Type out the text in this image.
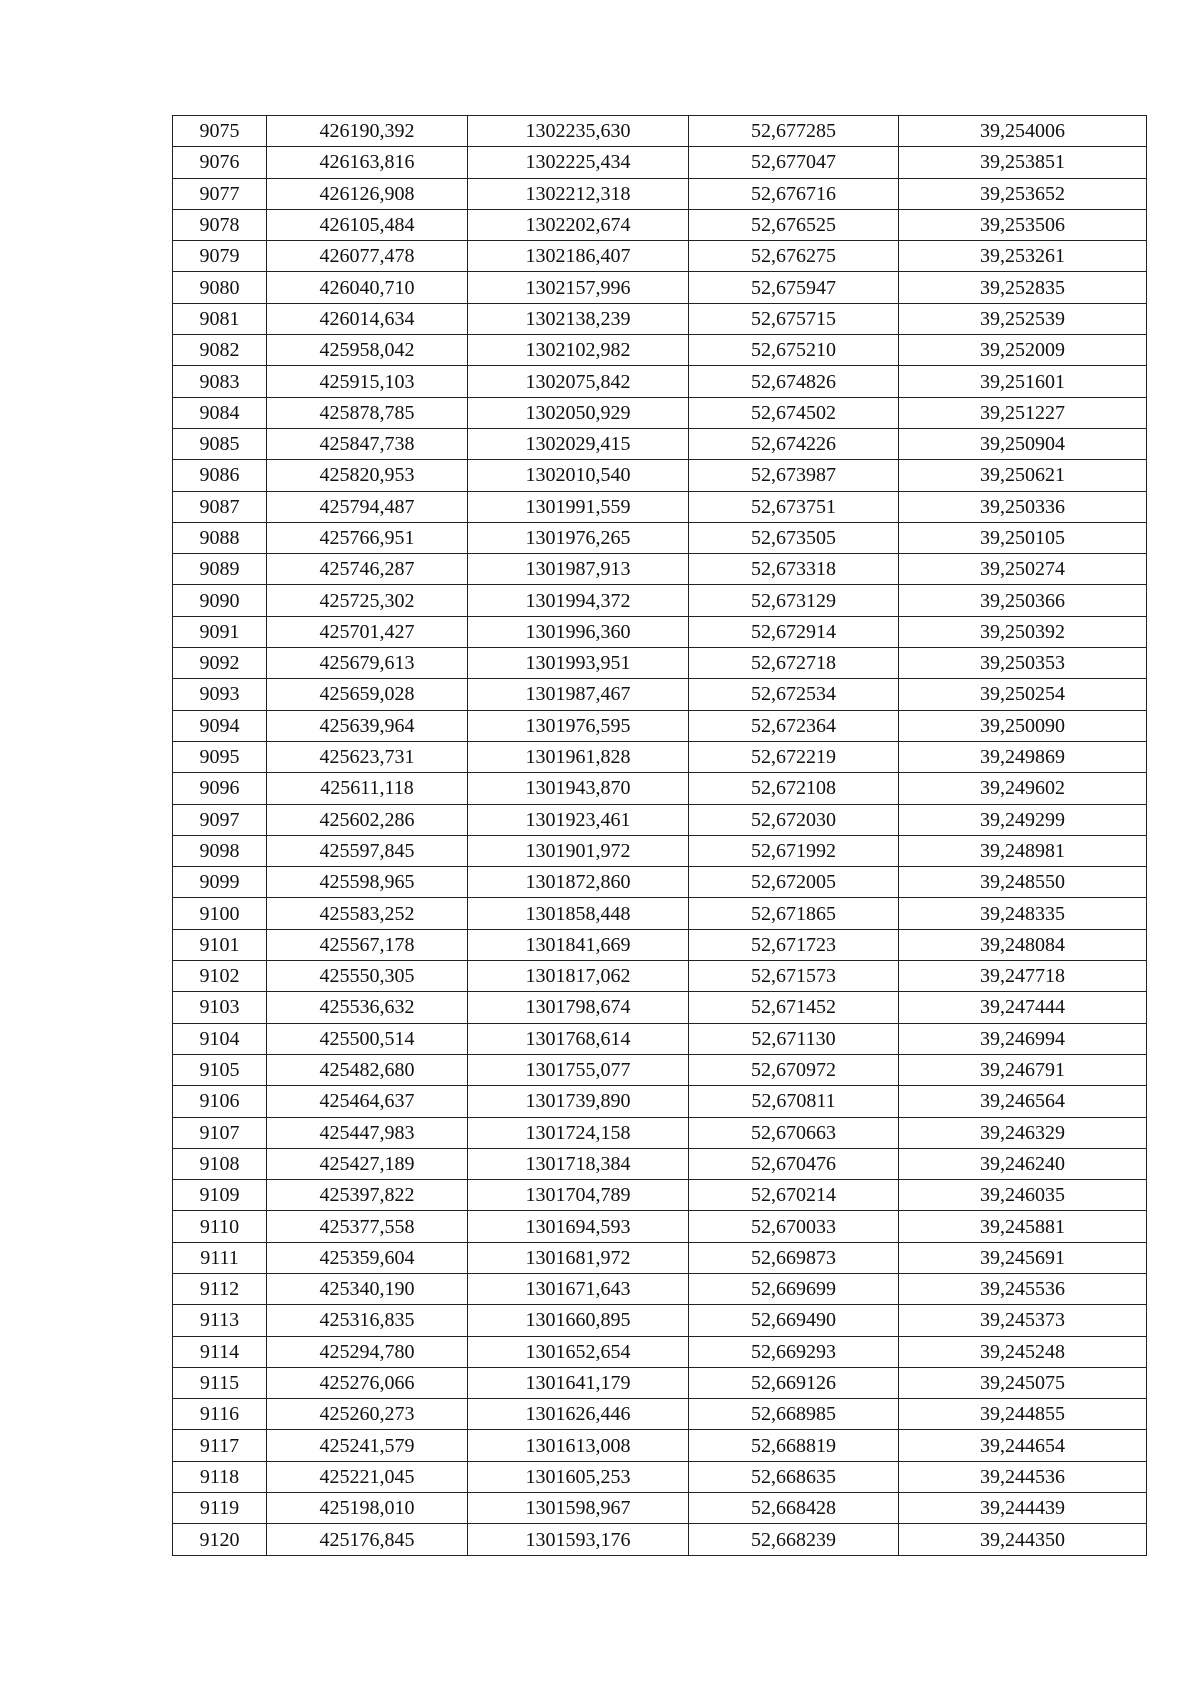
9075	426190,392	1302235,630	52,677285	39,254006
9076	426163,816	1302225,434	52,677047	39,253851
9077	426126,908	1302212,318	52,676716	39,253652
9078	426105,484	1302202,674	52,676525	39,253506
9079	426077,478	1302186,407	52,676275	39,253261
9080	426040,710	1302157,996	52,675947	39,252835
9081	426014,634	1302138,239	52,675715	39,252539
9082	425958,042	1302102,982	52,675210	39,252009
9083	425915,103	1302075,842	52,674826	39,251601
9084	425878,785	1302050,929	52,674502	39,251227
9085	425847,738	1302029,415	52,674226	39,250904
9086	425820,953	1302010,540	52,673987	39,250621
9087	425794,487	1301991,559	52,673751	39,250336
9088	425766,951	1301976,265	52,673505	39,250105
9089	425746,287	1301987,913	52,673318	39,250274
9090	425725,302	1301994,372	52,673129	39,250366
9091	425701,427	1301996,360	52,672914	39,250392
9092	425679,613	1301993,951	52,672718	39,250353
9093	425659,028	1301987,467	52,672534	39,250254
9094	425639,964	1301976,595	52,672364	39,250090
9095	425623,731	1301961,828	52,672219	39,249869
9096	425611,118	1301943,870	52,672108	39,249602
9097	425602,286	1301923,461	52,672030	39,249299
9098	425597,845	1301901,972	52,671992	39,248981
9099	425598,965	1301872,860	52,672005	39,248550
9100	425583,252	1301858,448	52,671865	39,248335
9101	425567,178	1301841,669	52,671723	39,248084
9102	425550,305	1301817,062	52,671573	39,247718
9103	425536,632	1301798,674	52,671452	39,247444
9104	425500,514	1301768,614	52,671130	39,246994
9105	425482,680	1301755,077	52,670972	39,246791
9106	425464,637	1301739,890	52,670811	39,246564
9107	425447,983	1301724,158	52,670663	39,246329
9108	425427,189	1301718,384	52,670476	39,246240
9109	425397,822	1301704,789	52,670214	39,246035
9110	425377,558	1301694,593	52,670033	39,245881
9111	425359,604	1301681,972	52,669873	39,245691
9112	425340,190	1301671,643	52,669699	39,245536
9113	425316,835	1301660,895	52,669490	39,245373
9114	425294,780	1301652,654	52,669293	39,245248
9115	425276,066	1301641,179	52,669126	39,245075
9116	425260,273	1301626,446	52,668985	39,244855
9117	425241,579	1301613,008	52,668819	39,244654
9118	425221,045	1301605,253	52,668635	39,244536
9119	425198,010	1301598,967	52,668428	39,244439
9120	425176,845	1301593,176	52,668239	39,244350
